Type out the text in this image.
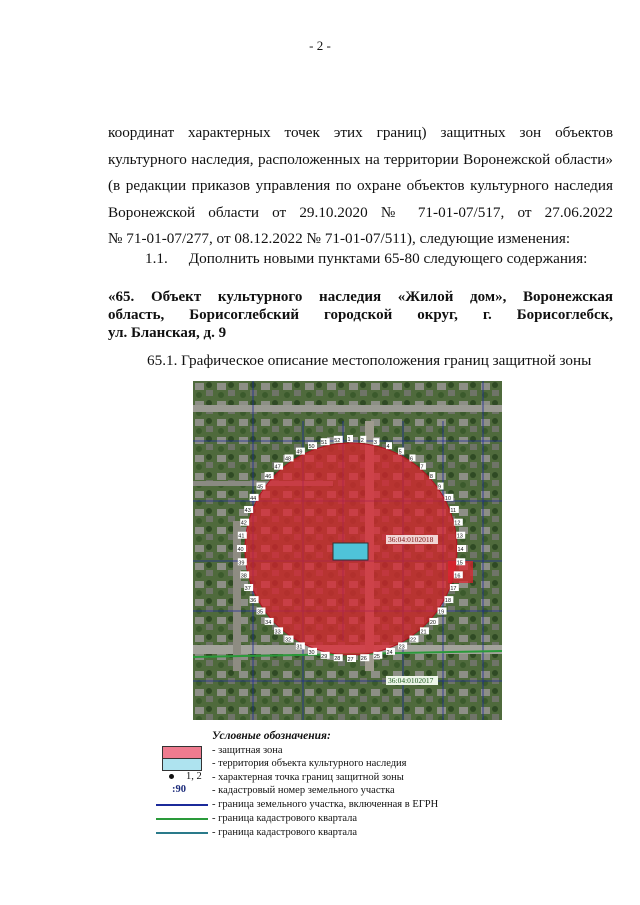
- 2 -
координат характерных точек этих границ) защитных зон объектов
культурного наследия, расположенных на территории Воронежской области»
(в редакции приказов управления по охране объектов культурного наследия
Воронежской области от 29.10.2020 № 71-01-07/517, от 27.06.2022
№ 71-01-07/277, от 08.12.2022 № 71-01-07/511), следующие изменения:
1.1. Дополнить новыми пунктами 65-80 следующего содержания:
«65. Объект культурного наследия «Жилой дом», Воронежская
область, Борисоглебский городской округ, г. Борисоглебск,
ул. Бланская, д. 9
65.1. Графическое описание местоположения границ защитной зоны
36:04:0102018
36:04:0102017
1 2 3
4
5
6
7
8
9
10
11
12
13
14
15
16
17
18
19
20
21
22
23
24
25
26
27
28
29
30
31
32
33
34
35
36
37
38
39
40
41
42
43
44
45
46
47
48
49
50
51 52
Условные обозначения:
- защитная зона
- территория объекта культурного наследия
1, 2 - характерная точка границ защитной зоны
:90 - кадастровый номер земельного участка
- граница земельного участка, включенная в ЕГРН
- граница кадастрового квартала
- граница кадастрового квартала
